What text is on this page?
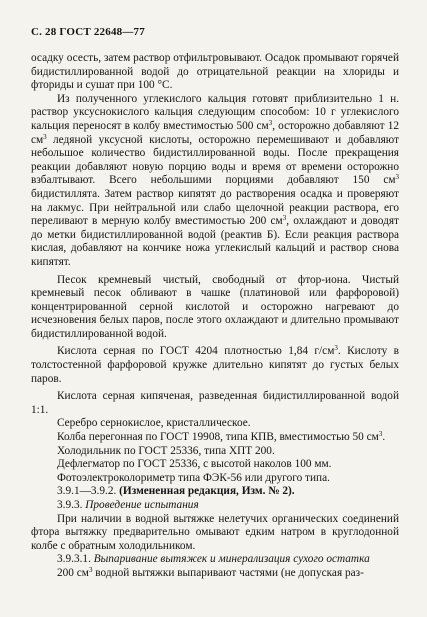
С. 28 ГОСТ 22648—77

осадку осесть, затем раствор отфильтровывают. Осадок промывают горячей бидистиллированной водой до отрицательной реакции на хлориды и фториды и сушат при 100 °С.

Из полученного углекислого кальция готовят приблизительно 1 н. раствор уксуснокислого кальция следующим способом: 10 г углекислого кальция переносят в колбу вместимостью 500 $см^3$, осторожно добавляют 12 $см^3$ ледяной уксусной кислоты, осторожно перемешивают и добавляют небольшое количество бидистиллированной воды. После прекращения реакции добавляют новую порцию воды и время от времени осторожно взбалтывают. Всего небольшими порциями добавляют 150 $см^3$ бидистиллята. Затем раствор кипятят до растворения осадка и проверяют на лакмус. При нейтральной или слабо щелочной реакции раствора, его переливают в мерную колбу вместимостью 200 $см^3$, охлаждают и доводят до метки бидистиллированной водой (реактив Б). Если реакция раствора кислая, добавляют на кончике ножа углекислый кальций и раствор снова кипятят.

Песок кремневый чистый, свободный от фтор-иона. Чистый кремневый песок обливают в чашке (платиновой или фарфоровой) концентрированной серной кислотой и осторожно нагревают до исчезновения белых паров, после этого охлаждают и длительно промывают бидистиллированной водой.

Кислота серная по ГОСТ 4204 плотностью 1,84 $г/см^3$. Кислоту в толстостенной фарфоровой кружке длительно кипятят до густых белых паров.

Кислота серная кипяченая, разведенная бидистиллированной водой 1:1.

Серебро сернокислое, кристаллическое.

Колба перегонная по ГОСТ 19908, типа КПВ, вместимостью 50 $см^3$.

Холодильник по ГОСТ 25336, типа ХПТ 200.

Дефлегматор по ГОСТ 25336, с высотой наколов 100 мм.

Фотоэлектроколориметр типа ФЭК-56 или другого типа.

3.9.1—3.9.2. (Измененная редакция, Изм. № 2).

3.9.3. Проведение испытания

При наличии в водной вытяжке нелетучих органических соединений фтора вытяжку предварительно омывают едким натром в круглодонной колбе с обратным холодильником.

3.9.3.1. Выпаривание вытяжек и минерализация сухого остатка

200 $см^3$ водной вытяжки выпаривают частями (не допуская раз-
